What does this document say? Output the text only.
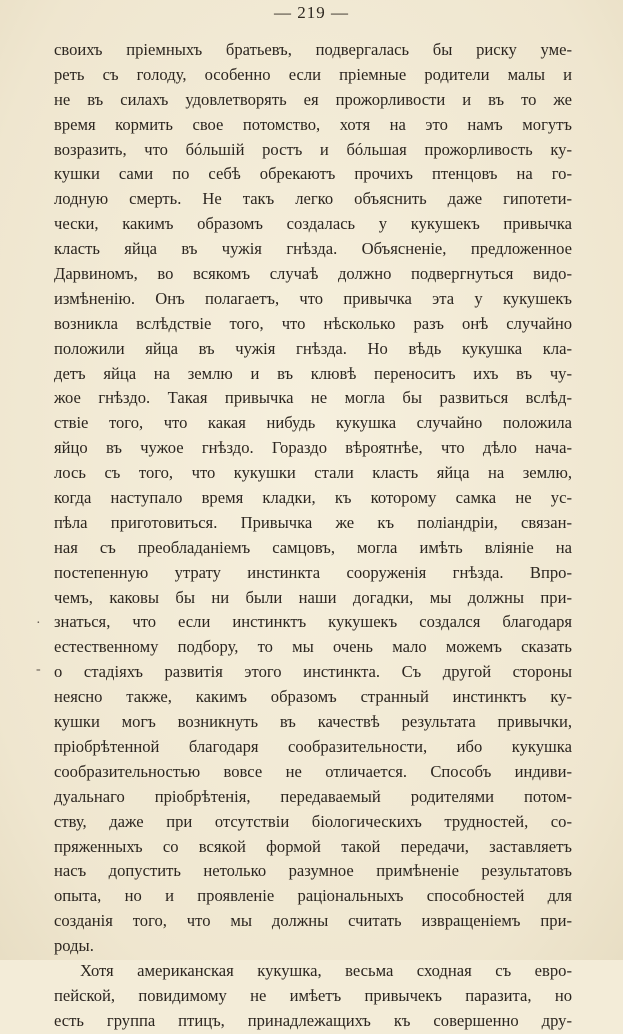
— 219 —
·
-
своихъ пріемныхъ братьевъ, подвергалась бы риску уме-
реть съ голоду, особенно если пріемные родители малы и
не въ силахъ удовлетворять ея прожорливости и въ то же
время кормить свое потомство, хотя на это намъ могутъ
возразить, что бóльшій ростъ и бóльшая прожорливость ку-
кушки сами по себѣ обрекаютъ прочихъ птенцовъ на го-
лодную смерть. Не такъ легко объяснить даже гипотети-
чески, какимъ образомъ создалась у кукушекъ привычка
класть яйца въ чужія гнѣзда. Объясненіе, предложенное
Дарвиномъ, во всякомъ случаѣ должно подвергнуться видо-
измѣненію. Онъ полагаетъ, что привычка эта у кукушекъ
возникла вслѣдствіе того, что нѣсколько разъ онѣ случайно
положили яйца въ чужія гнѣзда. Но вѣдь кукушка кла-
детъ яйца на землю и въ клювѣ переноситъ ихъ въ чу-
жое гнѣздо. Такая привычка не могла бы развиться вслѣд-
ствіе того, что какая нибудь кукушка случайно положила
яйцо въ чужое гнѣздо. Гораздо вѣроятнѣе, что дѣло нача-
лось съ того, что кукушки стали класть яйца на землю,
когда наступало время кладки, къ которому самка не ус-
пѣла приготовиться. Привычка же къ поліандріи, связан-
ная съ преобладаніемъ самцовъ, могла имѣть вліяніе на
постепенную утрату инстинкта сооруженія гнѣзда. Впро-
чемъ, каковы бы ни были наши догадки, мы должны при-
знаться, что если инстинктъ кукушекъ создался благодаря
естественному подбору, то мы очень мало можемъ сказать
о стадіяхъ развитія этого инстинкта. Съ другой стороны
неясно также, какимъ образомъ странный инстинктъ ку-
кушки могъ возникнуть въ качествѣ результата привычки,
пріобрѣтенной благодаря сообразительности, ибо кукушка
сообразительностью вовсе не отличается. Способъ индиви-
дуальнаго пріобрѣтенія, передаваемый родителями потом-
ству, даже при отсутствіи біологическихъ трудностей, со-
пряженныхъ со всякой формой такой передачи, заставляетъ
насъ допустить нетолько разумное примѣненіе результатовъ
опыта, но и проявленіе раціональныхъ способностей для
созданія того, что мы должны считать извращеніемъ при-
роды.
Хотя американская кукушка, весьма сходная съ евро-
пейской, повидимому не имѣетъ привычекъ паразита, но
есть группа птицъ, принадлежащихъ къ совершенно дру-
